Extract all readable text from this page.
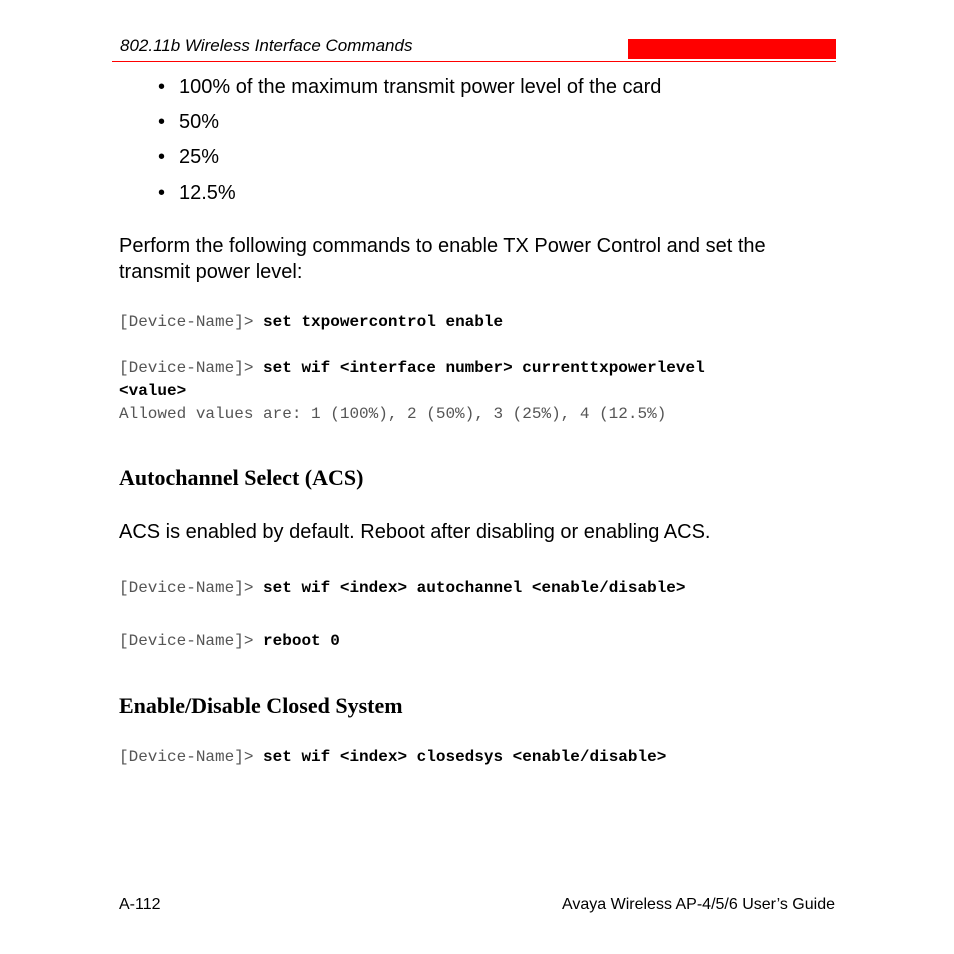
802.11b Wireless Interface Commands
• 100% of the maximum transmit power level of the card
• 50%
• 25%
• 12.5%
Perform the following commands to enable TX Power Control and set the transmit power level:
[Device-Name]> set txpowercontrol enable
[Device-Name]> set wif <interface number> currenttxpowerlevel
<value>
Allowed values are: 1 (100%), 2 (50%), 3 (25%), 4 (12.5%)
Autochannel Select (ACS)
ACS is enabled by default. Reboot after disabling or enabling ACS.
[Device-Name]> set wif <index> autochannel <enable/disable>
[Device-Name]> reboot 0
Enable/Disable Closed System
[Device-Name]> set wif <index> closedsys <enable/disable>
A-112	Avaya Wireless AP-4/5/6 User’s Guide
